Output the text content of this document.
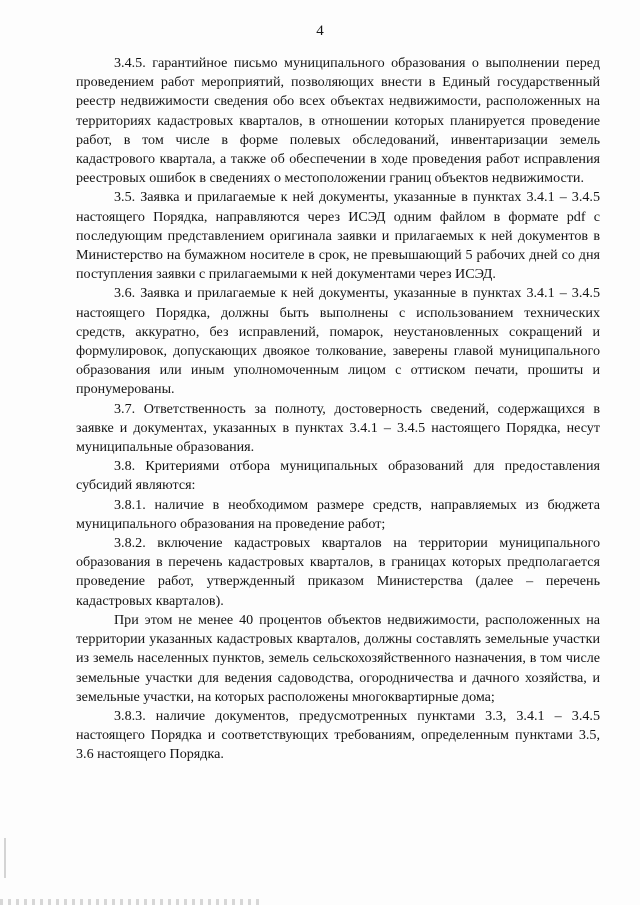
4

3.4.5. гарантийное письмо муниципального образования о выполнении перед проведением работ мероприятий, позволяющих внести в Единый государственный реестр недвижимости сведения обо всех объектах недвижимости, расположенных на территориях кадастровых кварталов, в отношении которых планируется проведение работ, в том числе в форме полевых обследований, инвентаризации земель кадастрового квартала, а также об обеспечении в ходе проведения работ исправления реестровых ошибок в сведениях о местоположении границ объектов недвижимости.

3.5. Заявка и прилагаемые к ней документы, указанные в пунктах 3.4.1 – 3.4.5 настоящего Порядка, направляются через ИСЭД одним файлом в формате pdf с последующим представлением оригинала заявки и прилагаемых к ней документов в Министерство на бумажном носителе в срок, не превышающий 5 рабочих дней со дня поступления заявки с прилагаемыми к ней документами через ИСЭД.

3.6. Заявка и прилагаемые к ней документы, указанные в пунктах 3.4.1 – 3.4.5 настоящего Порядка, должны быть выполнены с использованием технических средств, аккуратно, без исправлений, помарок, неустановленных сокращений и формулировок, допускающих двоякое толкование, заверены главой муниципального образования или иным уполномоченным лицом с оттиском печати, прошиты и пронумерованы.

3.7. Ответственность за полноту, достоверность сведений, содержащихся в заявке и документах, указанных в пунктах 3.4.1 – 3.4.5 настоящего Порядка, несут муниципальные образования.

3.8. Критериями отбора муниципальных образований для предоставления субсидий являются:

3.8.1. наличие в необходимом размере средств, направляемых из бюджета муниципального образования на проведение работ;

3.8.2. включение кадастровых кварталов на территории муниципального образования в перечень кадастровых кварталов, в границах которых предполагается проведение работ, утвержденный приказом Министерства (далее – перечень кадастровых кварталов).

При этом не менее 40 процентов объектов недвижимости, расположенных на территории указанных кадастровых кварталов, должны составлять земельные участки из земель населенных пунктов, земель сельскохозяйственного назначения, в том числе земельные участки для ведения садоводства, огородничества и дачного хозяйства, и земельные участки, на которых расположены многоквартирные дома;

3.8.3. наличие документов, предусмотренных пунктами 3.3, 3.4.1 – 3.4.5 настоящего Порядка и соответствующих требованиям, определенным пунктами 3.5, 3.6 настоящего Порядка.
